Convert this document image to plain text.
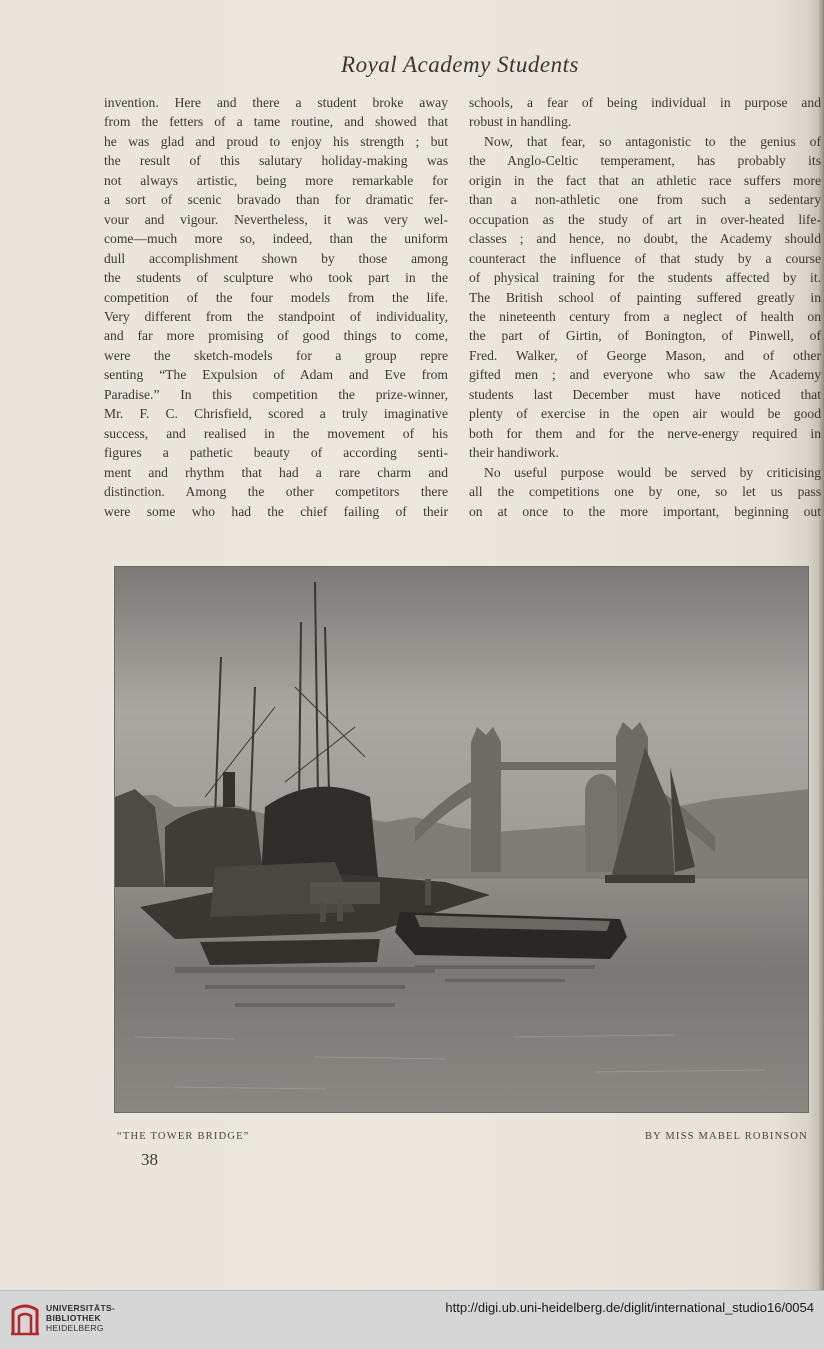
Royal Academy Students
invention. Here and there a student broke away
from the fetters of a tame routine, and showed that
he was glad and proud to enjoy his strength ; but
the result of this salutary holiday-making was
not always artistic, being more remarkable for
a sort of scenic bravado than for dramatic fer-
vour and vigour. Nevertheless, it was very wel-
come—much more so, indeed, than the uniform
dull accomplishment shown by those among
the students of sculpture who took part in the
competition of the four models from the life.
Very different from the standpoint of individuality,
and far more promising of good things to come,
were the sketch-models for a group repre
senting “The Expulsion of Adam and Eve from
Paradise.” In this competition the prize-winner,
Mr. F. C. Chrisfield, scored a truly imaginative
success, and realised in the movement of his
figures a pathetic beauty of according senti-
ment and rhythm that had a rare charm and
distinction. Among the other competitors there
were some who had the chief failing of their
schools, a fear of being individual in purpose and
robust in handling.
Now, that fear, so antagonistic to the genius of
the Anglo-Celtic temperament, has probably its
origin in the fact that an athletic race suffers more
than a non-athletic one from such a sedentary
occupation as the study of art in over-heated life-
classes ; and hence, no doubt, the Academy should
counteract the influence of that study by a course
of physical training for the students affected by it.
The British school of painting suffered greatly in
the nineteenth century from a neglect of health on
the part of Girtin, of Bonington, of Pinwell, of
Fred. Walker, of George Mason, and of other
gifted men ; and everyone who saw the Academy
students last December must have noticed that
plenty of exercise in the open air would be good
both for them and for the nerve-energy required in
their handiwork.
No useful purpose would be served by criticising
all the competitions one by one, so let us pass
on at once to the more important, beginning out
“THE TOWER BRIDGE”	BY MISS MABEL ROBINSON
38
UNIVERSITÄTS-
BIBLIOTHEK
HEIDELBERG
http://digi.ub.uni-heidelberg.de/diglit/international_studio16/0054
